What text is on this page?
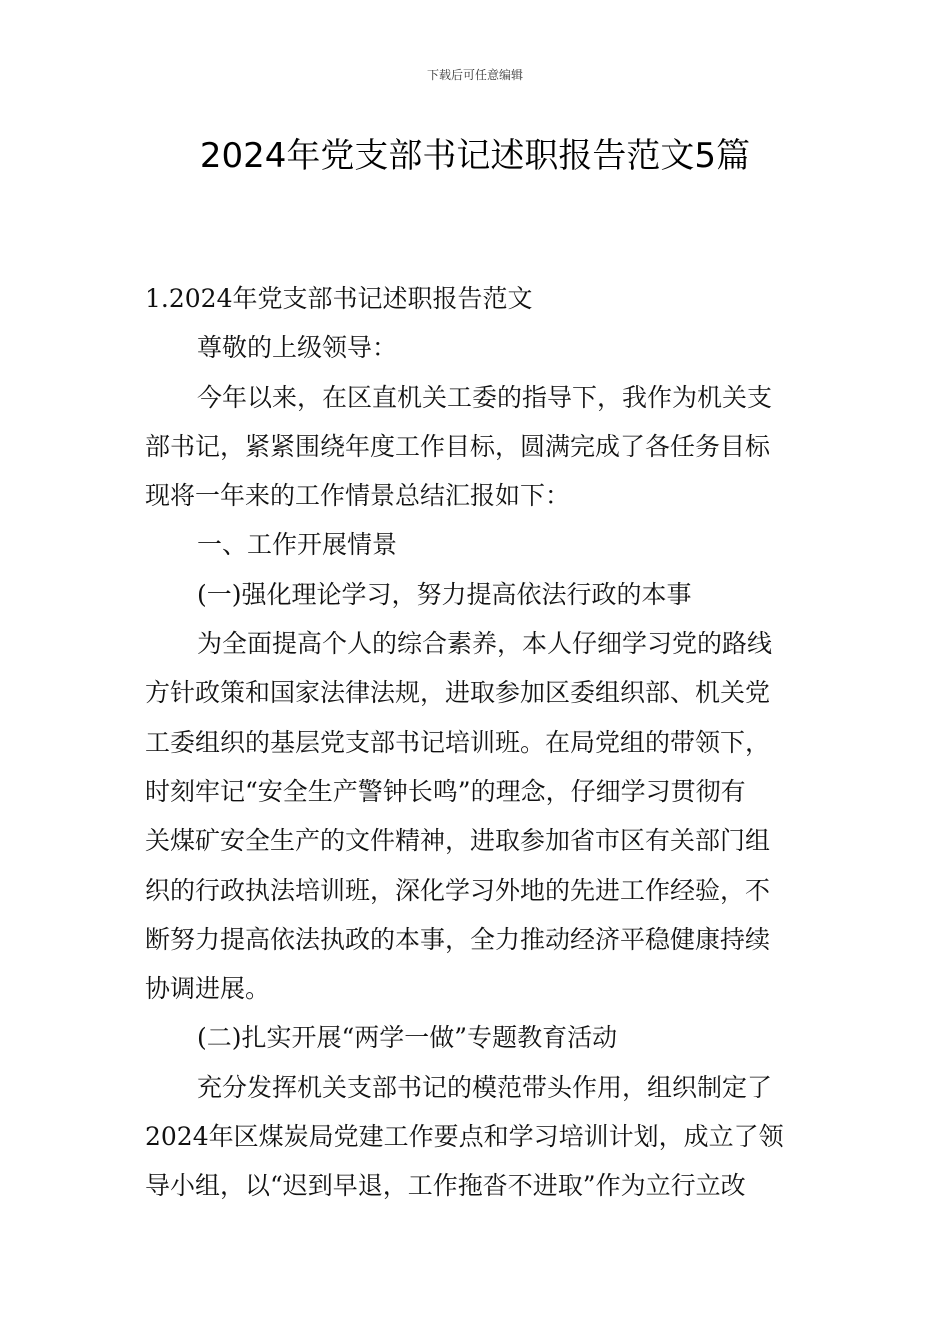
下载后可任意编辑
2024年党支部书记述职报告范文5篇
1.2024年党支部书记述职报告范文
尊敬的上级领导：
今年以来，在区直机关工委的指导下，我作为机关支
部书记，紧紧围绕年度工作目标，圆满完成了各任务目标
现将一年来的工作情景总结汇报如下：
一、工作开展情景
(一)强化理论学习，努力提高依法行政的本事
为全面提高个人的综合素养，本人仔细学习党的路线
方针政策和国家法律法规，进取参加区委组织部、机关党
工委组织的基层党支部书记培训班。在局党组的带领下，
时刻牢记“安全生产警钟长鸣”的理念，仔细学习贯彻有
关煤矿安全生产的文件精神，进取参加省市区有关部门组
织的行政执法培训班，深化学习外地的先进工作经验，不
断努力提高依法执政的本事，全力推动经济平稳健康持续
协调进展。
(二)扎实开展“两学一做”专题教育活动
充分发挥机关支部书记的模范带头作用，组织制定了
2024年区煤炭局党建工作要点和学习培训计划，成立了领
导小组，以“迟到早退，工作拖沓不进取”作为立行立改
